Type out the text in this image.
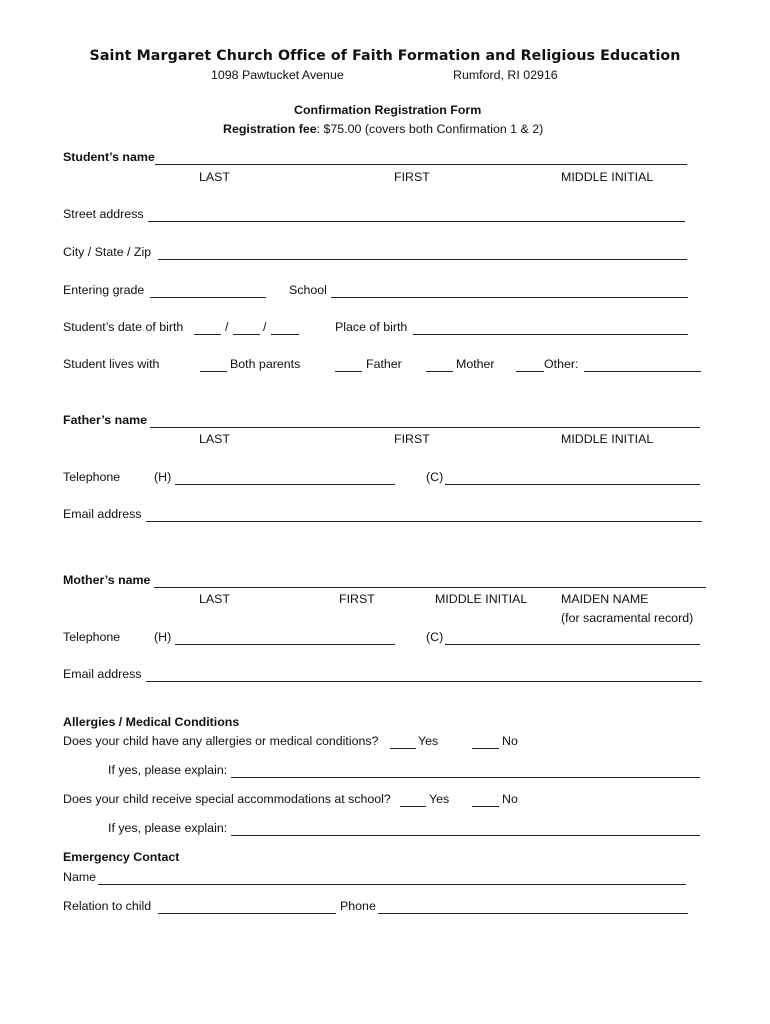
Saint Margaret Church Office of Faith Formation and Religious Education
1098 Pawtucket Avenue	Rumford, RI 02916
Confirmation Registration Form
Registration fee: $75.00 (covers both Confirmation 1 & 2)
Student’s name
LAST	FIRST	MIDDLE INITIAL
Street address
City / State / Zip
Entering grade	School
Student’s date of birth	/	/	Place of birth
Student lives with	Both parents	Father	Mother	Other:
Father’s name
LAST	FIRST	MIDDLE INITIAL
Telephone	(H)	(C)
Email address
Mother’s name
LAST	FIRST	MIDDLE INITIAL	MAIDEN NAME
(for sacramental record)
Telephone	(H)	(C)
Email address
Allergies / Medical Conditions
Does your child have any allergies or medical conditions?	Yes	No
If yes, please explain:
Does your child receive special accommodations at school?	Yes	No
If yes, please explain:
Emergency Contact
Name
Relation to child	Phone
